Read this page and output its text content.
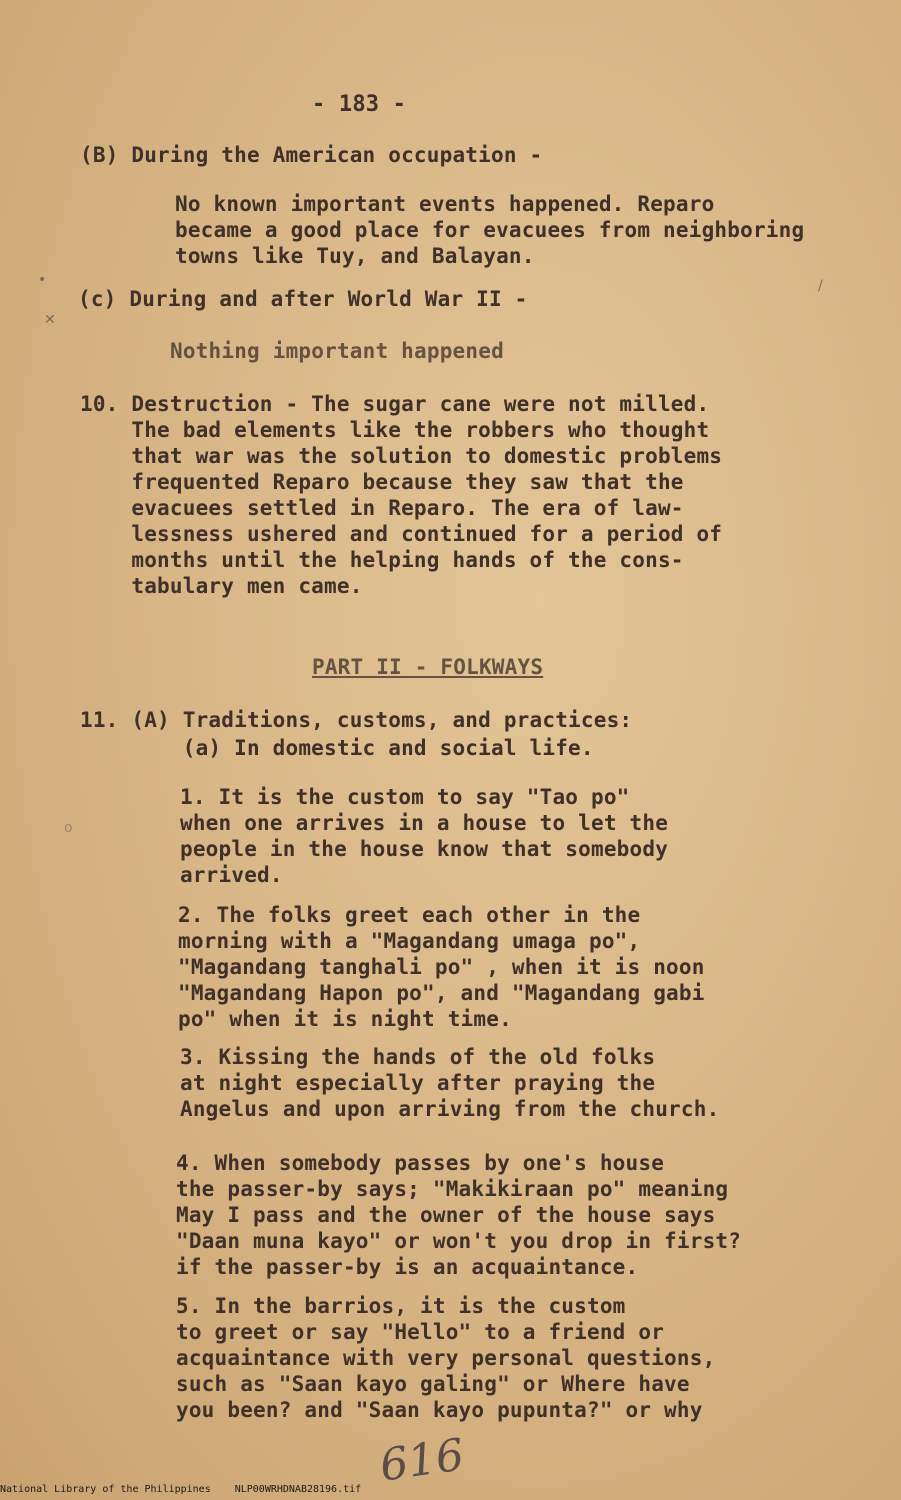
- 183 -
(B) During the American occupation -
No known important events happened. Reparo
became a good place for evacuees from neighboring
towns like Tuy, and Balayan.
(c) During and after World War II -
Nothing important happened
10. Destruction - The sugar cane were not milled.
The bad elements like the robbers who thought
that war was the solution to domestic problems
frequented Reparo because they saw that the
evacuees settled in Reparo. The era of law-
lessness ushered and continued for a period of
months until the helping hands of the cons-
tabulary men came.
PART II - FOLKWAYS
11. (A) Traditions, customs, and practices:
(a) In domestic and social life.
1. It is the custom to say "Tao po"
when one arrives in a house to let the
people in the house know that somebody
arrived.
2. The folks greet each other in the
morning with a "Magandang umaga po",
"Magandang tanghali po" , when it is noon
"Magandang Hapon po", and "Magandang gabi
po" when it is night time.
3. Kissing the hands of the old folks
at night especially after praying the
Angelus and upon arriving from the church.
4. When somebody passes by one's house
the passer-by says; "Makikiraan po" meaning
May I pass and the owner of the house says
"Daan muna kayo" or won't you drop in first?
if the passer-by is an acquaintance.
5. In the barrios, it is the custom
to greet or say "Hello" to a friend or
acquaintance with very personal questions,
such as "Saan kayo galing" or Where have
you been? and "Saan kayo pupunta?" or why
616
•
✕
o
/
National Library of the Philippines NLP00WRHDNAB28196.tif
